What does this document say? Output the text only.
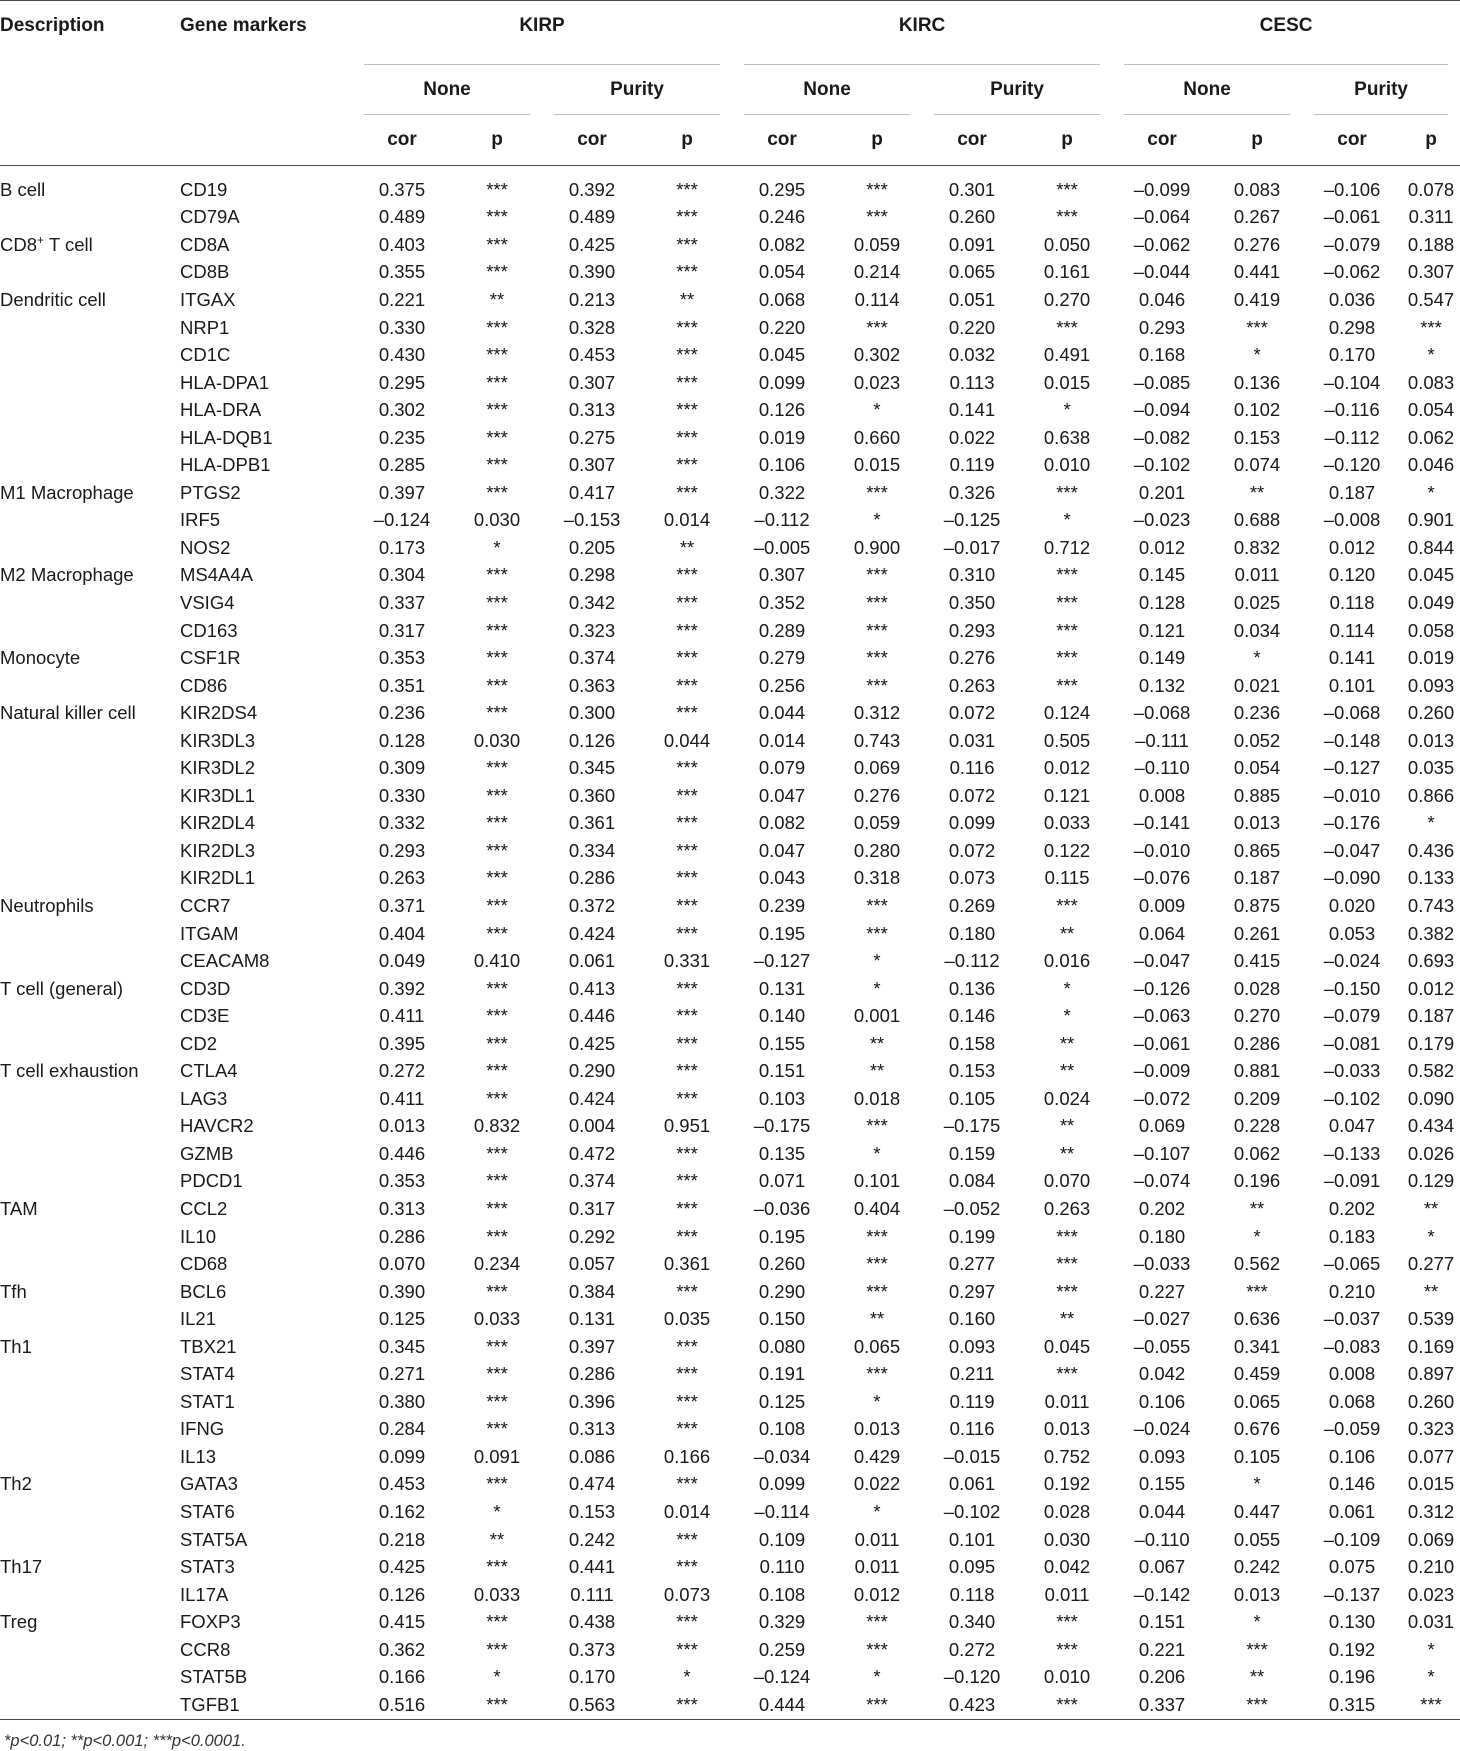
Description	Gene markers	KIRP				KIRC				CESC			
		None		Purity		None		Purity		None		Purity	
		cor	p	cor	p	cor	p	cor	p	cor	p	cor	p
B cell	CD19	0.375	***	0.392	***	0.295	***	0.301	***	–0.099	0.083	–0.106	0.078
	CD79A	0.489	***	0.489	***	0.246	***	0.260	***	–0.064	0.267	–0.061	0.311
CD8+ T cell	CD8A	0.403	***	0.425	***	0.082	0.059	0.091	0.050	–0.062	0.276	–0.079	0.188
	CD8B	0.355	***	0.390	***	0.054	0.214	0.065	0.161	–0.044	0.441	–0.062	0.307
Dendritic cell	ITGAX	0.221	**	0.213	**	0.068	0.114	0.051	0.270	0.046	0.419	0.036	0.547
	NRP1	0.330	***	0.328	***	0.220	***	0.220	***	0.293	***	0.298	***
	CD1C	0.430	***	0.453	***	0.045	0.302	0.032	0.491	0.168	*	0.170	*
	HLA-DPA1	0.295	***	0.307	***	0.099	0.023	0.113	0.015	–0.085	0.136	–0.104	0.083
	HLA-DRA	0.302	***	0.313	***	0.126	*	0.141	*	–0.094	0.102	–0.116	0.054
	HLA-DQB1	0.235	***	0.275	***	0.019	0.660	0.022	0.638	–0.082	0.153	–0.112	0.062
	HLA-DPB1	0.285	***	0.307	***	0.106	0.015	0.119	0.010	–0.102	0.074	–0.120	0.046
M1 Macrophage	PTGS2	0.397	***	0.417	***	0.322	***	0.326	***	0.201	**	0.187	*
	IRF5	–0.124	0.030	–0.153	0.014	–0.112	*	–0.125	*	–0.023	0.688	–0.008	0.901
	NOS2	0.173	*	0.205	**	–0.005	0.900	–0.017	0.712	0.012	0.832	0.012	0.844
M2 Macrophage	MS4A4A	0.304	***	0.298	***	0.307	***	0.310	***	0.145	0.011	0.120	0.045
	VSIG4	0.337	***	0.342	***	0.352	***	0.350	***	0.128	0.025	0.118	0.049
	CD163	0.317	***	0.323	***	0.289	***	0.293	***	0.121	0.034	0.114	0.058
Monocyte	CSF1R	0.353	***	0.374	***	0.279	***	0.276	***	0.149	*	0.141	0.019
	CD86	0.351	***	0.363	***	0.256	***	0.263	***	0.132	0.021	0.101	0.093
Natural killer cell	KIR2DS4	0.236	***	0.300	***	0.044	0.312	0.072	0.124	–0.068	0.236	–0.068	0.260
	KIR3DL3	0.128	0.030	0.126	0.044	0.014	0.743	0.031	0.505	–0.111	0.052	–0.148	0.013
	KIR3DL2	0.309	***	0.345	***	0.079	0.069	0.116	0.012	–0.110	0.054	–0.127	0.035
	KIR3DL1	0.330	***	0.360	***	0.047	0.276	0.072	0.121	0.008	0.885	–0.010	0.866
	KIR2DL4	0.332	***	0.361	***	0.082	0.059	0.099	0.033	–0.141	0.013	–0.176	*
	KIR2DL3	0.293	***	0.334	***	0.047	0.280	0.072	0.122	–0.010	0.865	–0.047	0.436
	KIR2DL1	0.263	***	0.286	***	0.043	0.318	0.073	0.115	–0.076	0.187	–0.090	0.133
Neutrophils	CCR7	0.371	***	0.372	***	0.239	***	0.269	***	0.009	0.875	0.020	0.743
	ITGAM	0.404	***	0.424	***	0.195	***	0.180	**	0.064	0.261	0.053	0.382
	CEACAM8	0.049	0.410	0.061	0.331	–0.127	*	–0.112	0.016	–0.047	0.415	–0.024	0.693
T cell (general)	CD3D	0.392	***	0.413	***	0.131	*	0.136	*	–0.126	0.028	–0.150	0.012
	CD3E	0.411	***	0.446	***	0.140	0.001	0.146	*	–0.063	0.270	–0.079	0.187
	CD2	0.395	***	0.425	***	0.155	**	0.158	**	–0.061	0.286	–0.081	0.179
T cell exhaustion	CTLA4	0.272	***	0.290	***	0.151	**	0.153	**	–0.009	0.881	–0.033	0.582
	LAG3	0.411	***	0.424	***	0.103	0.018	0.105	0.024	–0.072	0.209	–0.102	0.090
	HAVCR2	0.013	0.832	0.004	0.951	–0.175	***	–0.175	**	0.069	0.228	0.047	0.434
	GZMB	0.446	***	0.472	***	0.135	*	0.159	**	–0.107	0.062	–0.133	0.026
	PDCD1	0.353	***	0.374	***	0.071	0.101	0.084	0.070	–0.074	0.196	–0.091	0.129
TAM	CCL2	0.313	***	0.317	***	–0.036	0.404	–0.052	0.263	0.202	**	0.202	**
	IL10	0.286	***	0.292	***	0.195	***	0.199	***	0.180	*	0.183	*
	CD68	0.070	0.234	0.057	0.361	0.260	***	0.277	***	–0.033	0.562	–0.065	0.277
Tfh	BCL6	0.390	***	0.384	***	0.290	***	0.297	***	0.227	***	0.210	**
	IL21	0.125	0.033	0.131	0.035	0.150	**	0.160	**	–0.027	0.636	–0.037	0.539
Th1	TBX21	0.345	***	0.397	***	0.080	0.065	0.093	0.045	–0.055	0.341	–0.083	0.169
	STAT4	0.271	***	0.286	***	0.191	***	0.211	***	0.042	0.459	0.008	0.897
	STAT1	0.380	***	0.396	***	0.125	*	0.119	0.011	0.106	0.065	0.068	0.260
	IFNG	0.284	***	0.313	***	0.108	0.013	0.116	0.013	–0.024	0.676	–0.059	0.323
	IL13	0.099	0.091	0.086	0.166	–0.034	0.429	–0.015	0.752	0.093	0.105	0.106	0.077
Th2	GATA3	0.453	***	0.474	***	0.099	0.022	0.061	0.192	0.155	*	0.146	0.015
	STAT6	0.162	*	0.153	0.014	–0.114	*	–0.102	0.028	0.044	0.447	0.061	0.312
	STAT5A	0.218	**	0.242	***	0.109	0.011	0.101	0.030	–0.110	0.055	–0.109	0.069
Th17	STAT3	0.425	***	0.441	***	0.110	0.011	0.095	0.042	0.067	0.242	0.075	0.210
	IL17A	0.126	0.033	0.111	0.073	0.108	0.012	0.118	0.011	–0.142	0.013	–0.137	0.023
Treg	FOXP3	0.415	***	0.438	***	0.329	***	0.340	***	0.151	*	0.130	0.031
	CCR8	0.362	***	0.373	***	0.259	***	0.272	***	0.221	***	0.192	*
	STAT5B	0.166	*	0.170	*	–0.124	*	–0.120	0.010	0.206	**	0.196	*
	TGFB1	0.516	***	0.563	***	0.444	***	0.423	***	0.337	***	0.315	***
*p<0.01; **p<0.001; ***p<0.0001.
